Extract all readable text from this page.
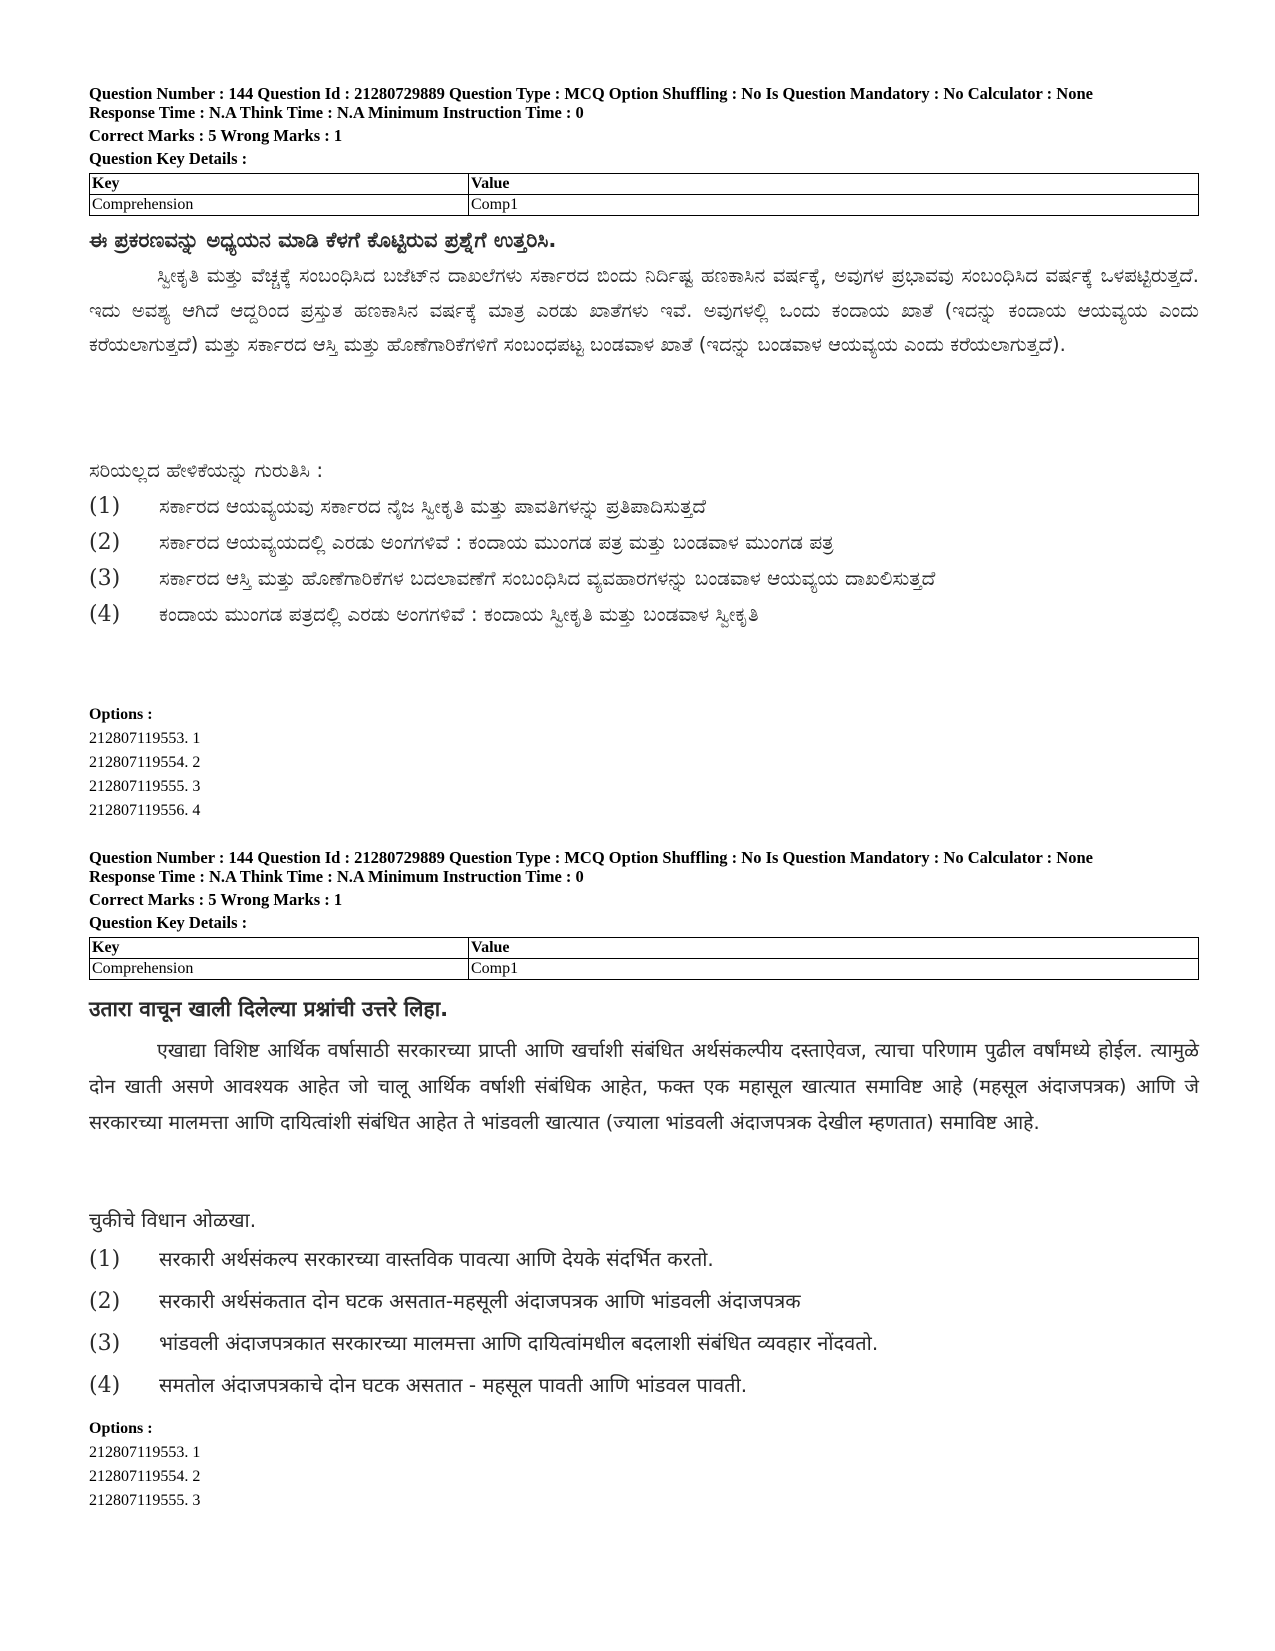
Question Number : 144 Question Id : 21280729889 Question Type : MCQ Option Shuffling : No Is Question Mandatory : No Calculator : None
Response Time : N.A Think Time : N.A Minimum Instruction Time : 0
Correct Marks : 5 Wrong Marks : 1
Question Key Details :
Key	Value
Comprehension	Comp1
ಈ ಪ್ರಕರಣವನ್ನು ಅಧ್ಯಯನ ಮಾಡಿ ಕೆಳಗೆ ಕೊಟ್ಟಿರುವ ಪ್ರಶ್ನೆಗೆ ಉತ್ತರಿಸಿ.
ಸ್ವೀಕೃತಿ ಮತ್ತು ವೆಚ್ಚಕ್ಕೆ ಸಂಬಂಧಿಸಿದ ಬಜೆಟ್‌ನ ದಾಖಲೆಗಳು ಸರ್ಕಾರದ ಬಿಂದು ನಿರ್ದಿಷ್ಟ ಹಣಕಾಸಿನ ವರ್ಷಕ್ಕೆ, ಅವುಗಳ ಪ್ರಭಾವವು ಸಂಬಂಧಿಸಿದ ವರ್ಷಕ್ಕೆ ಒಳಪಟ್ಟಿರುತ್ತದೆ. ಇದು ಅವಶ್ಯ ಆಗಿದೆ ಆದ್ದರಿಂದ ಪ್ರಸ್ತುತ ಹಣಕಾಸಿನ ವರ್ಷಕ್ಕೆ ಮಾತ್ರ ಎರಡು ಖಾತೆಗಳು ಇವೆ. ಅವುಗಳಲ್ಲಿ ಒಂದು ಕಂದಾಯ ಖಾತೆ (ಇದನ್ನು ಕಂದಾಯ ಆಯವ್ಯಯ ಎಂದು ಕರೆಯಲಾಗುತ್ತದೆ) ಮತ್ತು ಸರ್ಕಾರದ ಆಸ್ತಿ ಮತ್ತು ಹೊಣೆಗಾರಿಕೆಗಳಿಗೆ ಸಂಬಂಧಪಟ್ಟ ಬಂಡವಾಳ ಖಾತೆ (ಇದನ್ನು ಬಂಡವಾಳ ಆಯವ್ಯಯ ಎಂದು ಕರೆಯಲಾಗುತ್ತದೆ).
ಸರಿಯಲ್ಲದ ಹೇಳಿಕೆಯನ್ನು ಗುರುತಿಸಿ :
(1)	ಸರ್ಕಾರದ ಆಯವ್ಯಯವು ಸರ್ಕಾರದ ನೈಜ ಸ್ವೀಕೃತಿ ಮತ್ತು ಪಾವತಿಗಳನ್ನು ಪ್ರತಿಪಾದಿಸುತ್ತದೆ
(2)	ಸರ್ಕಾರದ ಆಯವ್ಯಯದಲ್ಲಿ ಎರಡು ಅಂಗಗಳಿವೆ : ಕಂದಾಯ ಮುಂಗಡ ಪತ್ರ ಮತ್ತು ಬಂಡವಾಳ ಮುಂಗಡ ಪತ್ರ
(3)	ಸರ್ಕಾರದ ಆಸ್ತಿ ಮತ್ತು ಹೊಣೆಗಾರಿಕೆಗಳ ಬದಲಾವಣೆಗೆ ಸಂಬಂಧಿಸಿದ ವ್ಯವಹಾರಗಳನ್ನು ಬಂಡವಾಳ ಆಯವ್ಯಯ ದಾಖಲಿಸುತ್ತದೆ
(4)	ಕಂದಾಯ ಮುಂಗಡ ಪತ್ರದಲ್ಲಿ ಎರಡು ಅಂಗಗಳಿವೆ : ಕಂದಾಯ ಸ್ವೀಕೃತಿ ಮತ್ತು ಬಂಡವಾಳ ಸ್ವೀಕೃತಿ
Options :
212807119553. 1
212807119554. 2
212807119555. 3
212807119556. 4
Question Number : 144 Question Id : 21280729889 Question Type : MCQ Option Shuffling : No Is Question Mandatory : No Calculator : None
Response Time : N.A Think Time : N.A Minimum Instruction Time : 0
Correct Marks : 5 Wrong Marks : 1
Question Key Details :
Key	Value
Comprehension	Comp1
उतारा वाचून खाली दिलेल्या प्रश्नांची उत्तरे लिहा.
एखाद्या विशिष्ट आर्थिक वर्षासाठी सरकारच्या प्राप्ती आणि खर्चाशी संबंधित अर्थसंकल्पीय दस्ताऐवज, त्याचा परिणाम पुढील वर्षांमध्ये होईल. त्यामुळे दोन खाती असणे आवश्यक आहेत जो चालू आर्थिक वर्षाशी संबंधिक आहेत, फक्त एक महासूल खात्यात समाविष्ट आहे (महसूल अंदाजपत्रक) आणि जे सरकारच्या मालमत्ता आणि दायित्वांशी संबंधित आहेत ते भांडवली खात्यात (ज्याला भांडवली अंदाजपत्रक देखील म्हणतात) समाविष्ट आहे.
चुकीचे विधान ओळखा.
(1)	सरकारी अर्थसंकल्प सरकारच्या वास्तविक पावत्या आणि देयके संदर्भित करतो.
(2)	सरकारी अर्थसंकतात दोन घटक असतात-महसूली अंदाजपत्रक आणि भांडवली अंदाजपत्रक
(3)	भांडवली अंदाजपत्रकात सरकारच्या मालमत्ता आणि दायित्वांमधील बदलाशी संबंधित व्यवहार नोंदवतो.
(4)	समतोल अंदाजपत्रकाचे दोन घटक असतात - महसूल पावती आणि भांडवल पावती.
Options :
212807119553. 1
212807119554. 2
212807119555. 3
